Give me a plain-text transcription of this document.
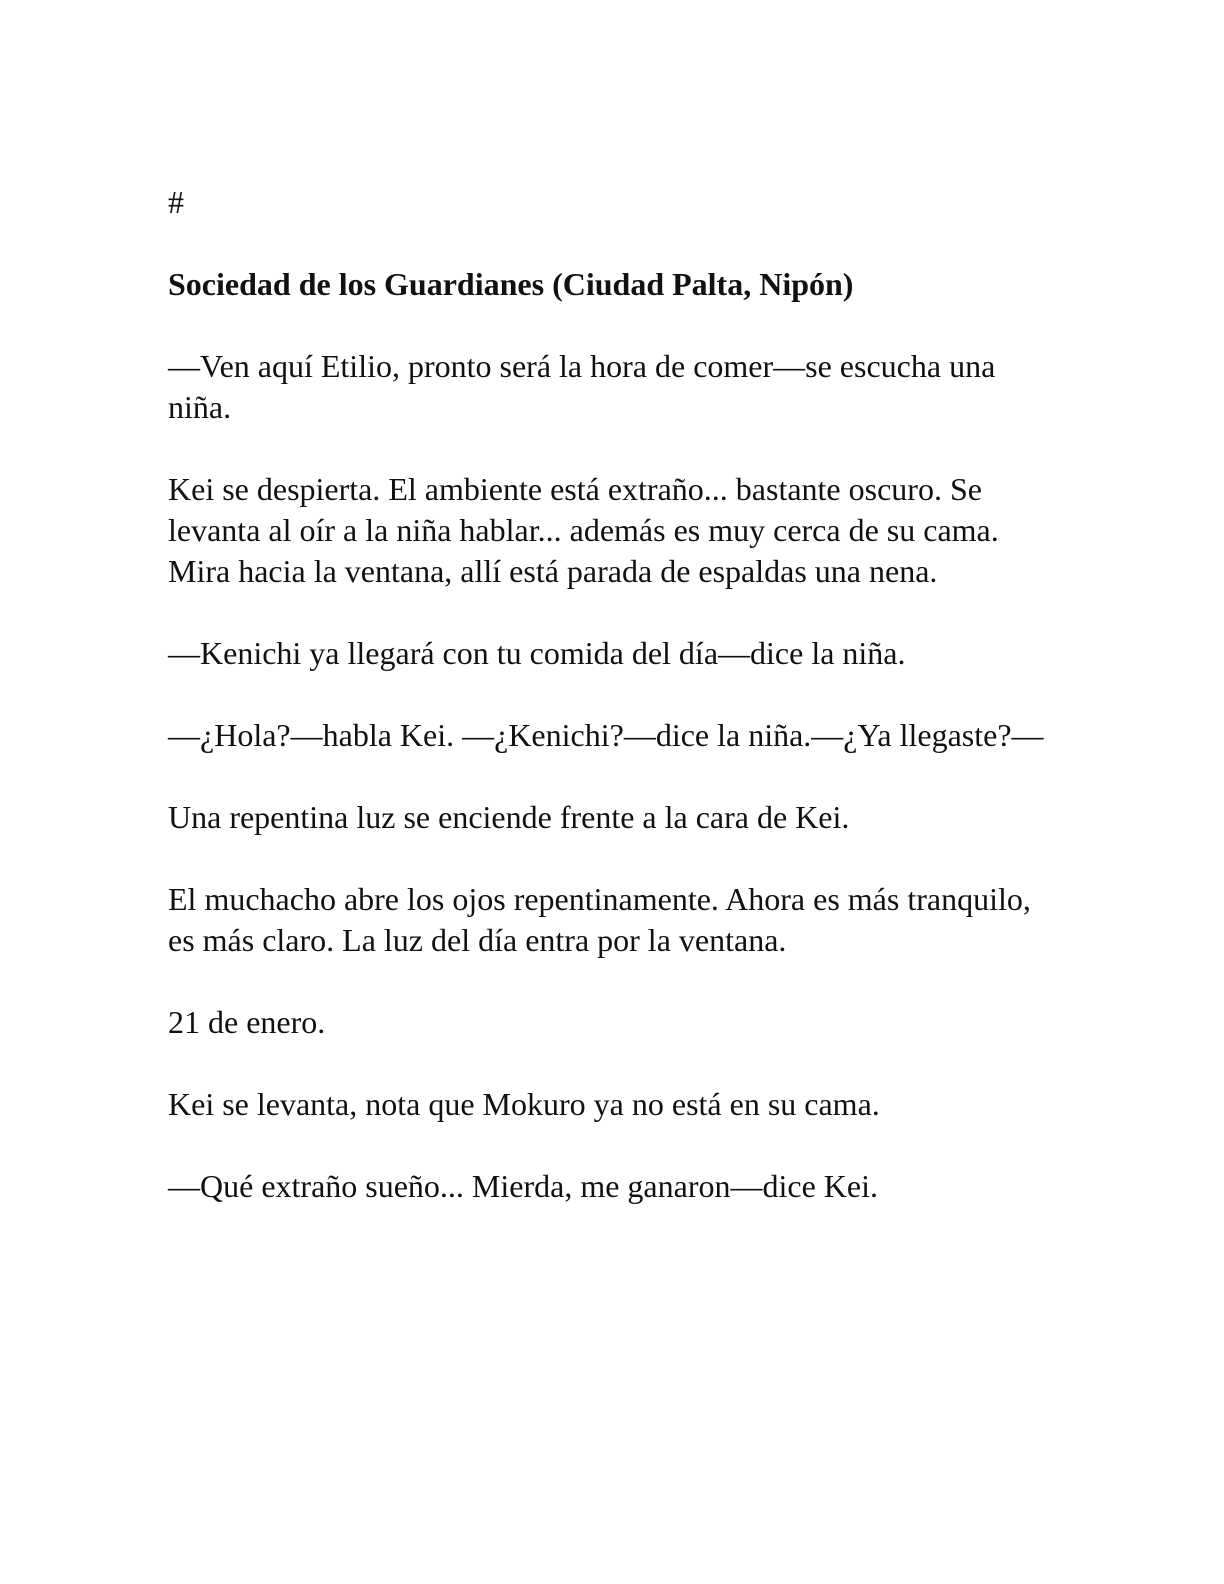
#
Sociedad de los Guardianes (Ciudad Palta, Nipón)

—Ven aquí Etilio, pronto será la hora de comer—se escucha una niña.

Kei se despierta. El ambiente está extraño... bastante oscuro. Se levanta al oír a la niña hablar... además es muy cerca de su cama. Mira hacia la ventana, allí está parada de espaldas una nena.

—Kenichi ya llegará con tu comida del día—dice la niña.

—¿Hola?—habla Kei. —¿Kenichi?—dice la niña.—¿Ya llegaste?—

Una repentina luz se enciende frente a la cara de Kei.

El muchacho abre los ojos repentinamente. Ahora es más tranquilo, es más claro. La luz del día entra por la ventana.

21 de enero.

Kei se levanta, nota que Mokuro ya no está en su cama.

—Qué extraño sueño... Mierda, me ganaron—dice Kei.
